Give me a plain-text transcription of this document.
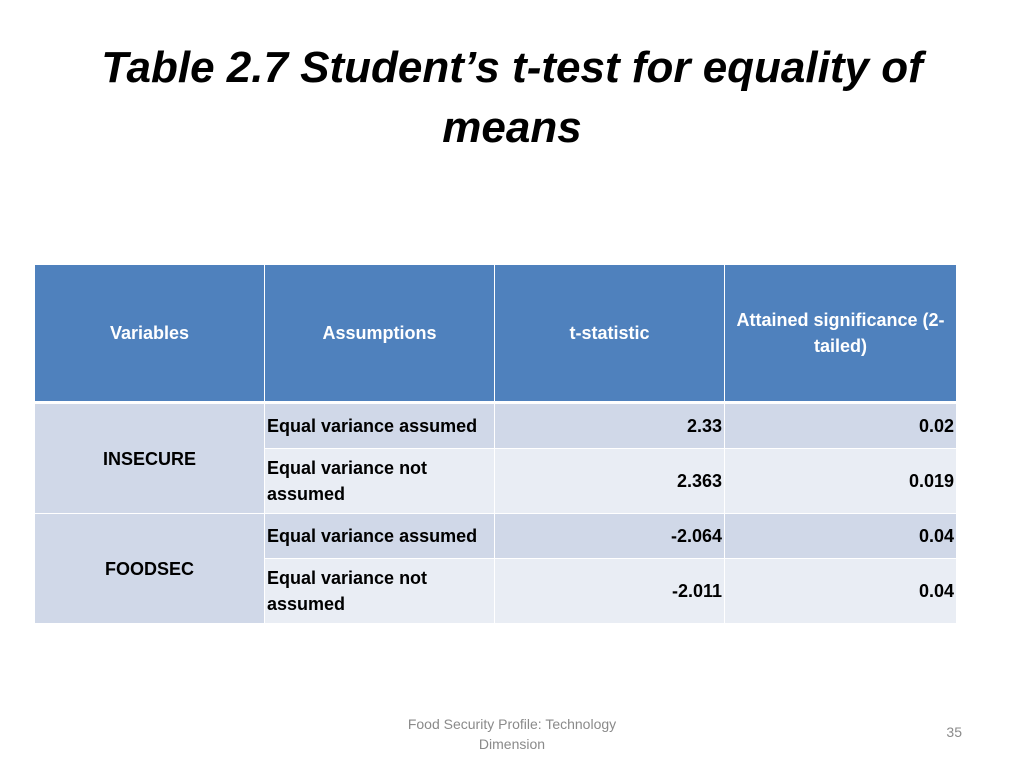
Table 2.7 Student’s t-test for equality of means
Variables	Assumptions	t-statistic	Attained significance (2-tailed)
INSECURE	Equal variance assumed	2.33	0.02
	Equal variance not assumed	2.363	0.019
FOODSEC	Equal variance assumed	-2.064	0.04
	Equal variance not assumed	-2.011	0.04
Food Security Profile: Technology Dimension
35
